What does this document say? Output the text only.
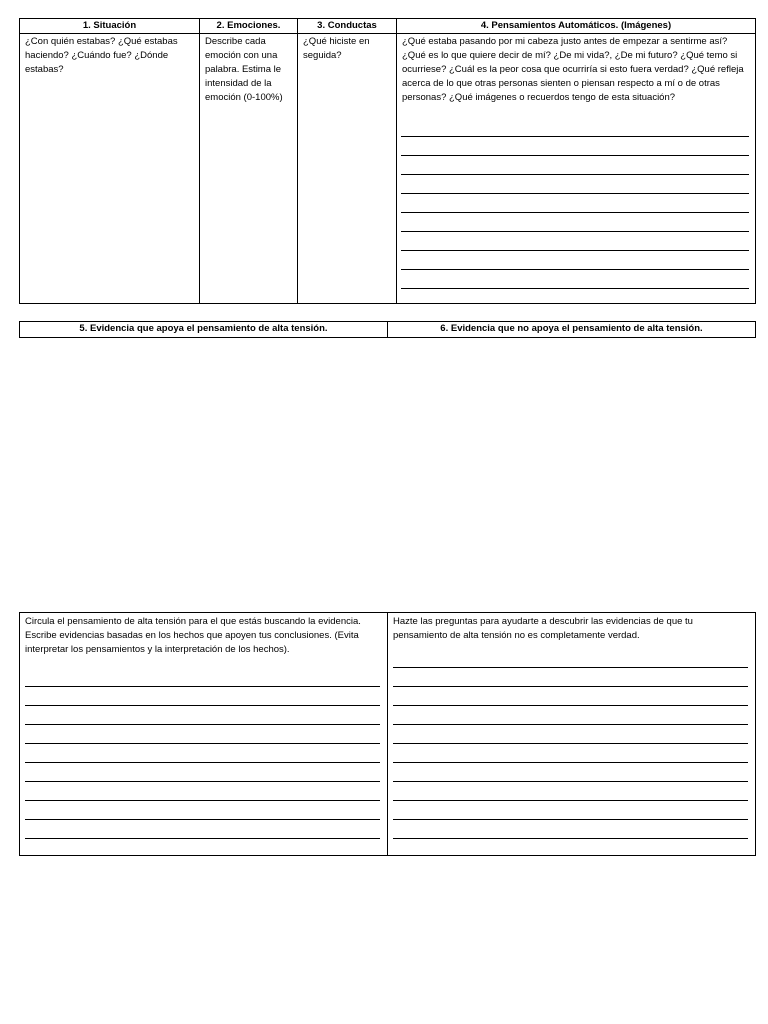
1. Situación
¿Con quién estabas? ¿Qué estabas haciendo? ¿Cuándo fue? ¿Dónde estabas?
2. Emociones.
Describe cada emoción con una palabra. Estima le intensidad de la emoción (0-100%)
3. Conductas
¿Qué hiciste en seguida?
4. Pensamientos Automáticos. (Imágenes)
¿Qué estaba pasando por mi cabeza justo antes de empezar a sentirme así? ¿Qué es lo que quiere decir de mí? ¿De mi vida?, ¿De mi futuro? ¿Qué temo si ocurriese? ¿Cuál es la peor cosa que ocurriría si esto fuera verdad? ¿Qué refleja acerca de lo que otras personas sienten o piensan respecto a mí o de otras personas? ¿Qué imágenes o recuerdos tengo de esta situación?
5. Evidencia que apoya el pensamiento de alta tensión.	6. Evidencia que no apoya el pensamiento de alta tensión.
Circula el pensamiento de alta tensión para el que estás buscando la evidencia. Escribe evidencias basadas en los hechos que apoyen tus conclusiones. (Evita interpretar los pensamientos y la interpretación de los hechos).
Hazte las preguntas para ayudarte a descubrir las evidencias de que tu pensamiento de alta tensión no es completamente verdad.
